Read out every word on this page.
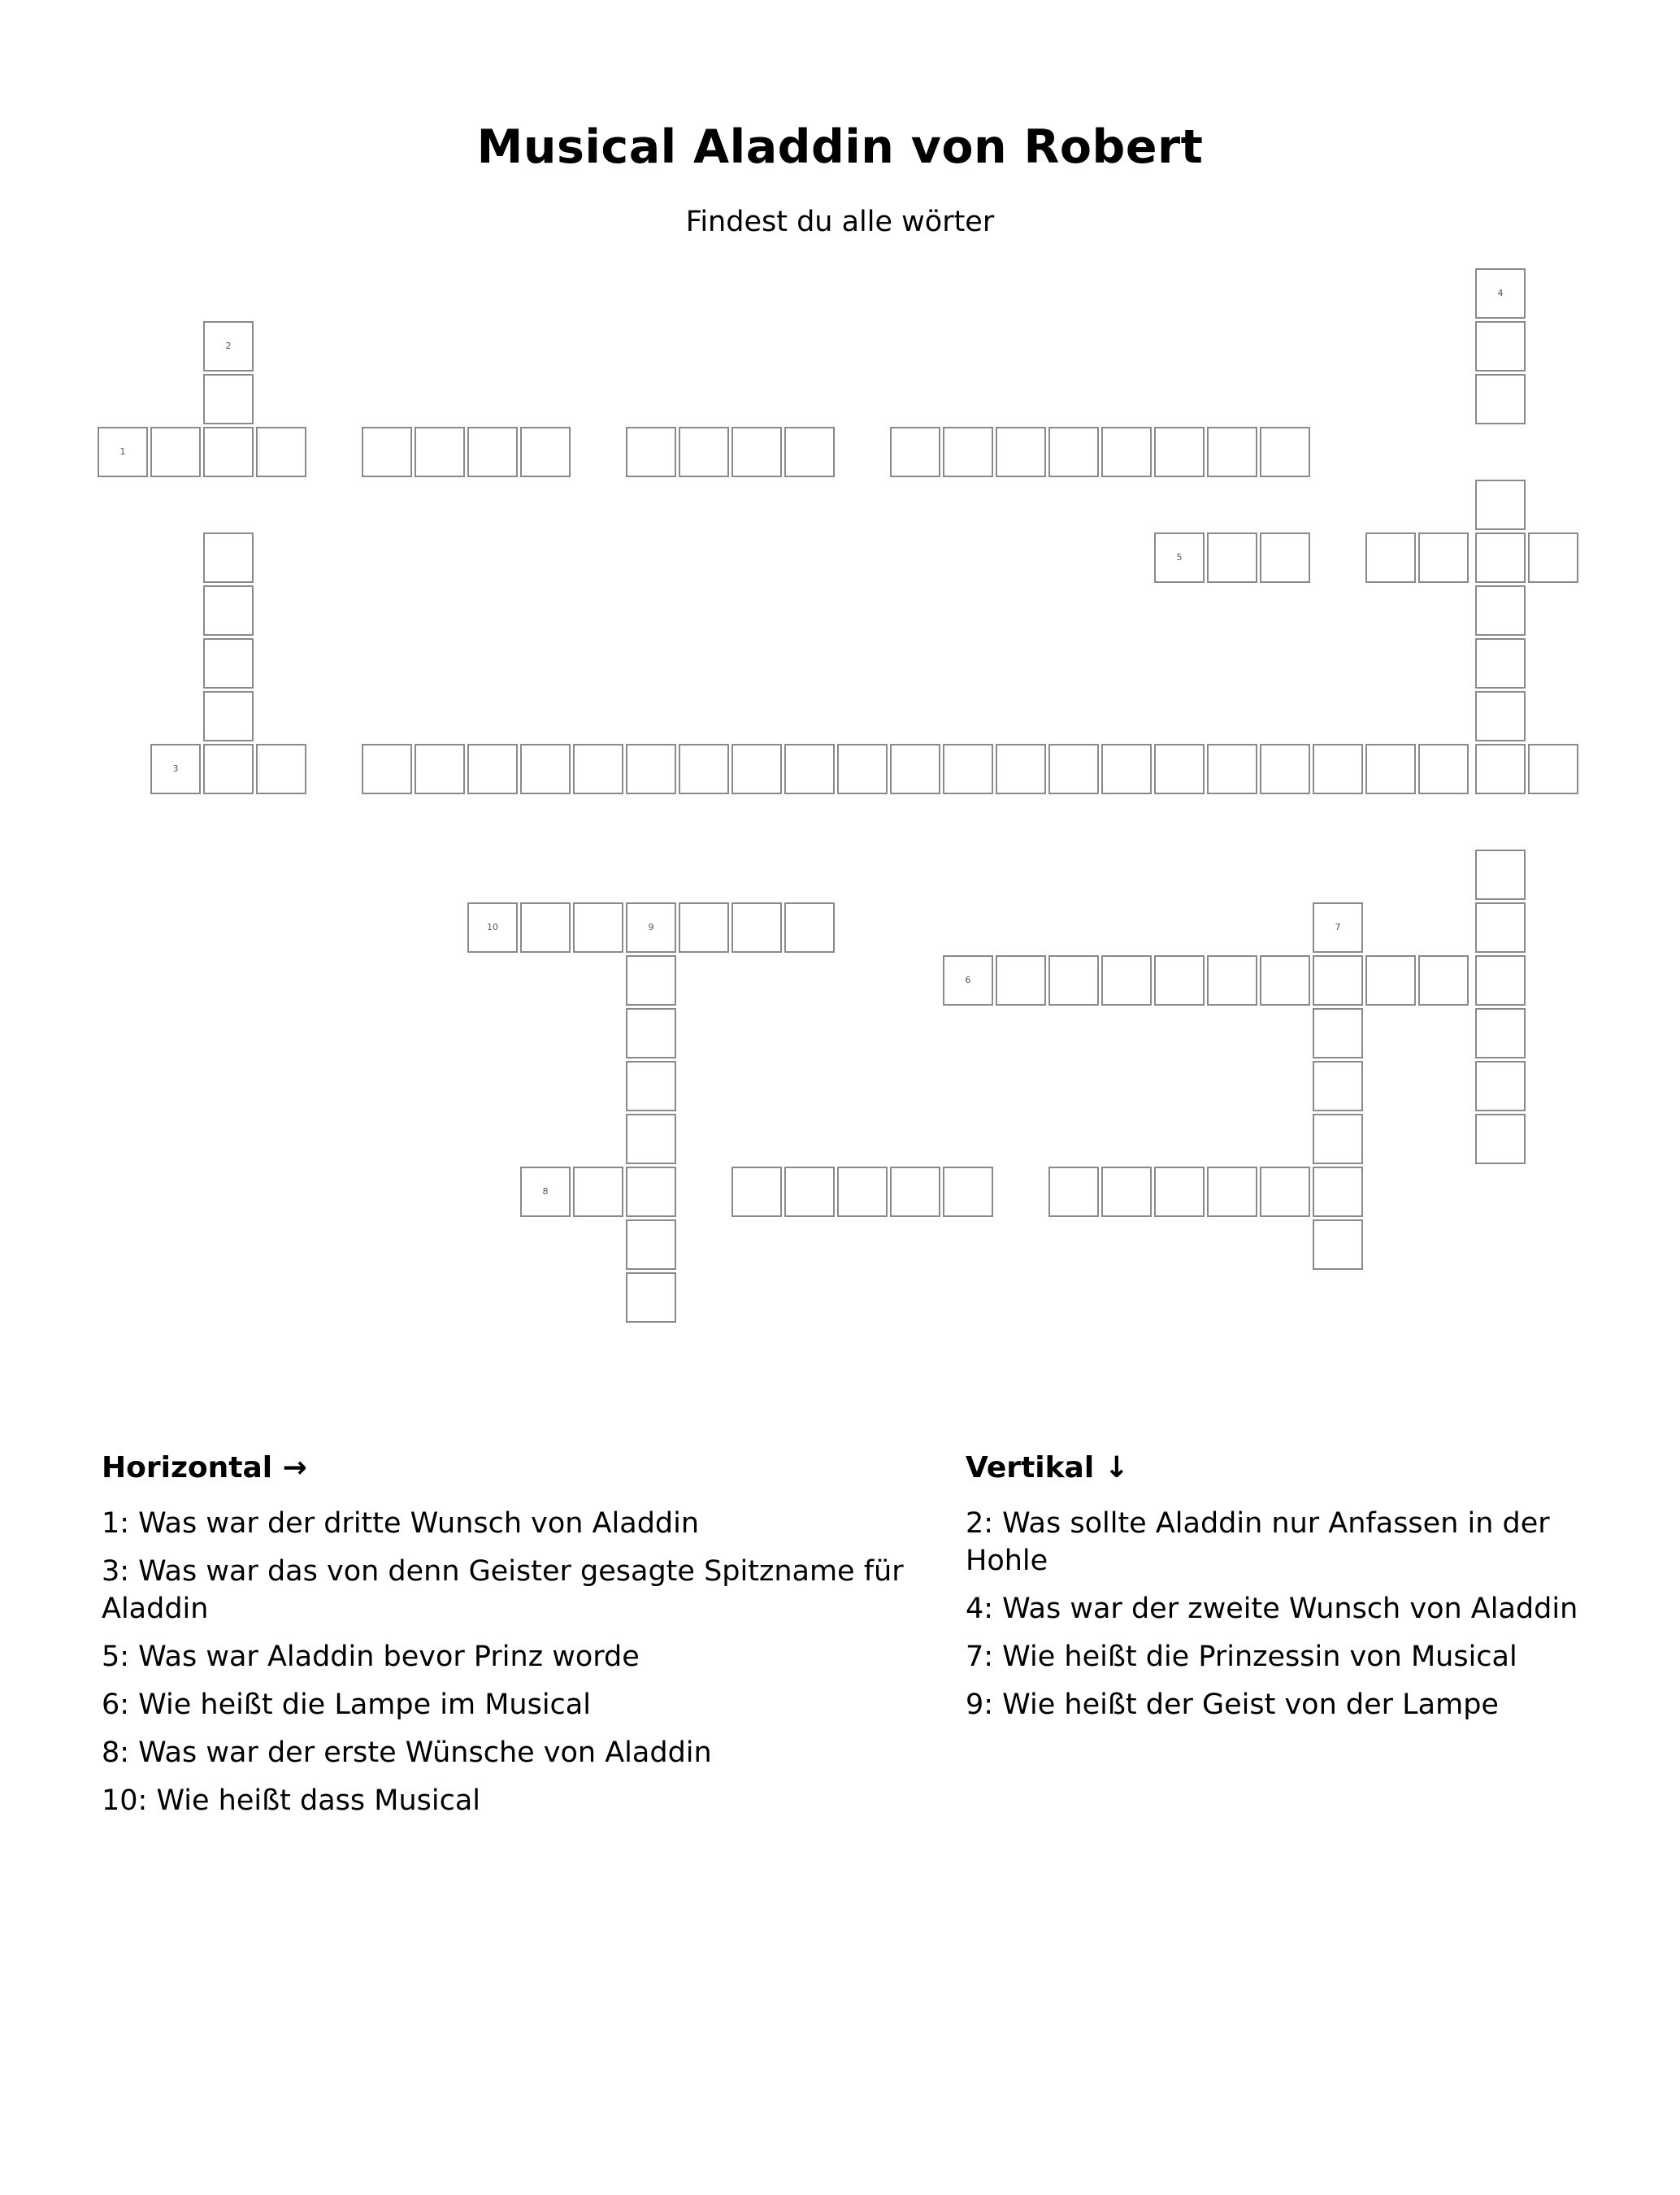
Musical Aladdin von Robert
Findest du alle wörter
4
2
1
5
3
10	9	7
6
8
Horizontal →
1: Was war der dritte Wunsch von Aladdin
3: Was war das von denn Geister gesagte Spitzname für Aladdin
5: Was war Aladdin bevor Prinz worde
6: Wie heißt die Lampe im Musical
8: Was war der erste Wünsche von Aladdin
10: Wie heißt dass Musical
Vertikal ↓
2: Was sollte Aladdin nur Anfassen in der Hohle
4: Was war der zweite Wunsch von Aladdin
7: Wie heißt die Prinzessin von Musical
9: Wie heißt der Geist von der Lampe
